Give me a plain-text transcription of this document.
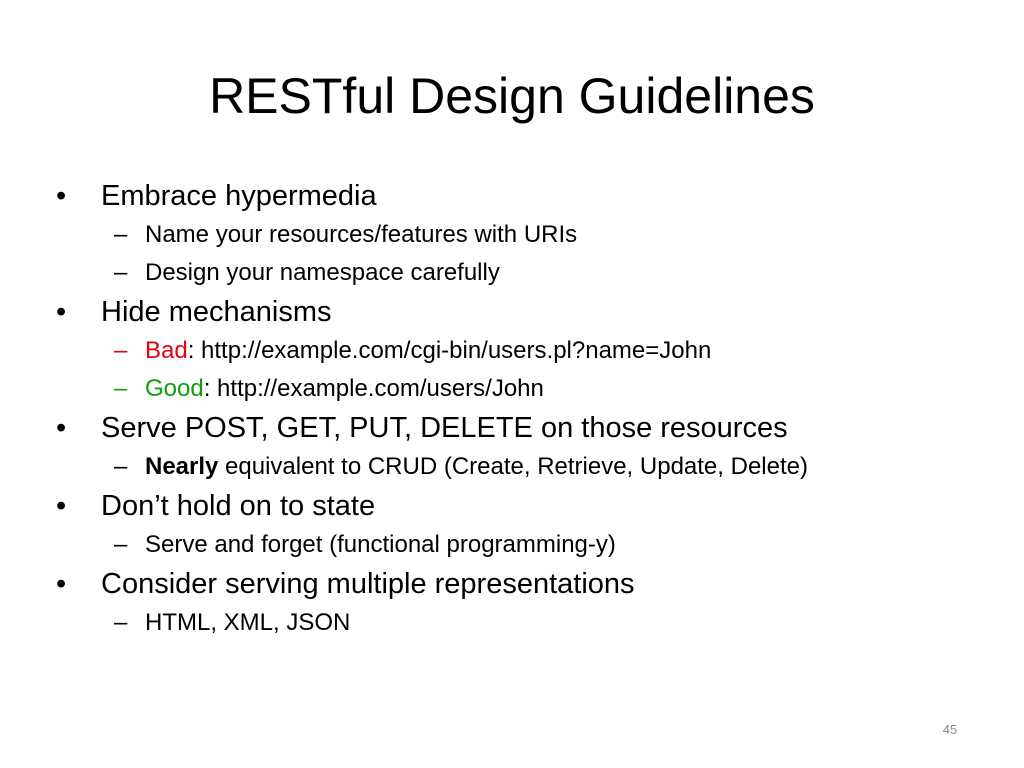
RESTful Design Guidelines
•	Embrace hypermedia
– Name your resources/features with URIs
– Design your namespace carefully
•	Hide mechanisms
– Bad: http://example.com/cgi-bin/users.pl?name=John
– Good: http://example.com/users/John
•	Serve POST, GET, PUT, DELETE on those resources
– Nearly equivalent to CRUD (Create, Retrieve, Update, Delete)
•	Don’t hold on to state
– Serve and forget (functional programming-y)
•	Consider serving multiple representations
– HTML, XML, JSON
45
